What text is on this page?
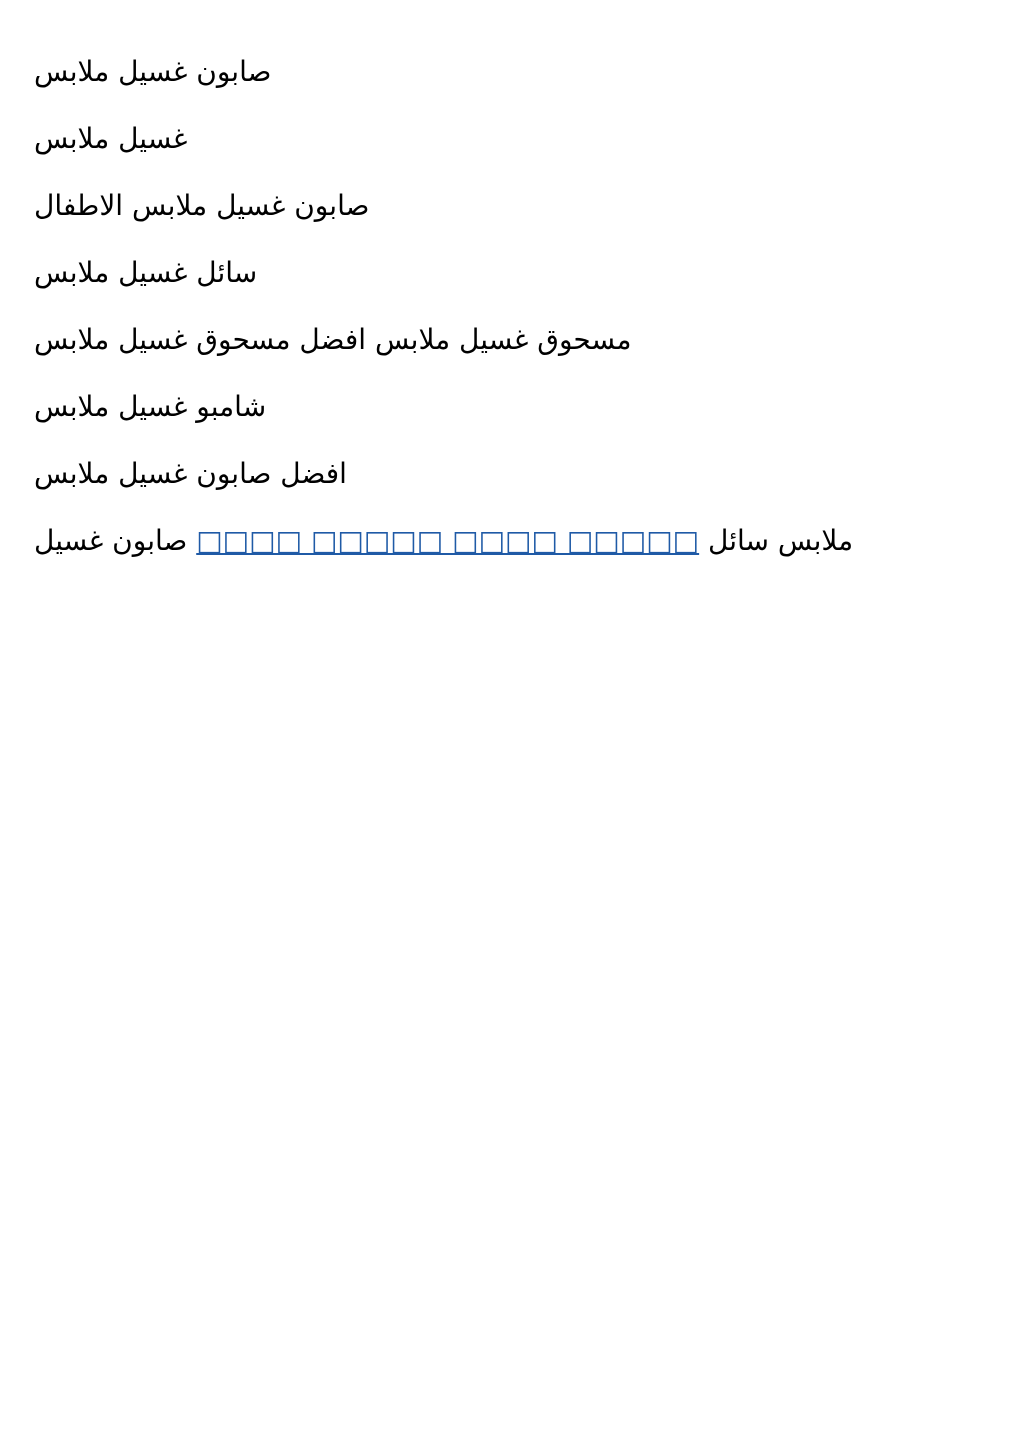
صابون غسيل ملابس

غسيل ملابس

صابون غسيل ملابس الاطفال

سائل غسيل ملابس

مسحوق غسيل ملابس افضل مسحوق غسيل ملابس

شامبو غسيل ملابس

افضل صابون غسيل ملابس

صابون غسيل □□□□ □□□□□ □□□□ □□□□□ ملابس سائل
